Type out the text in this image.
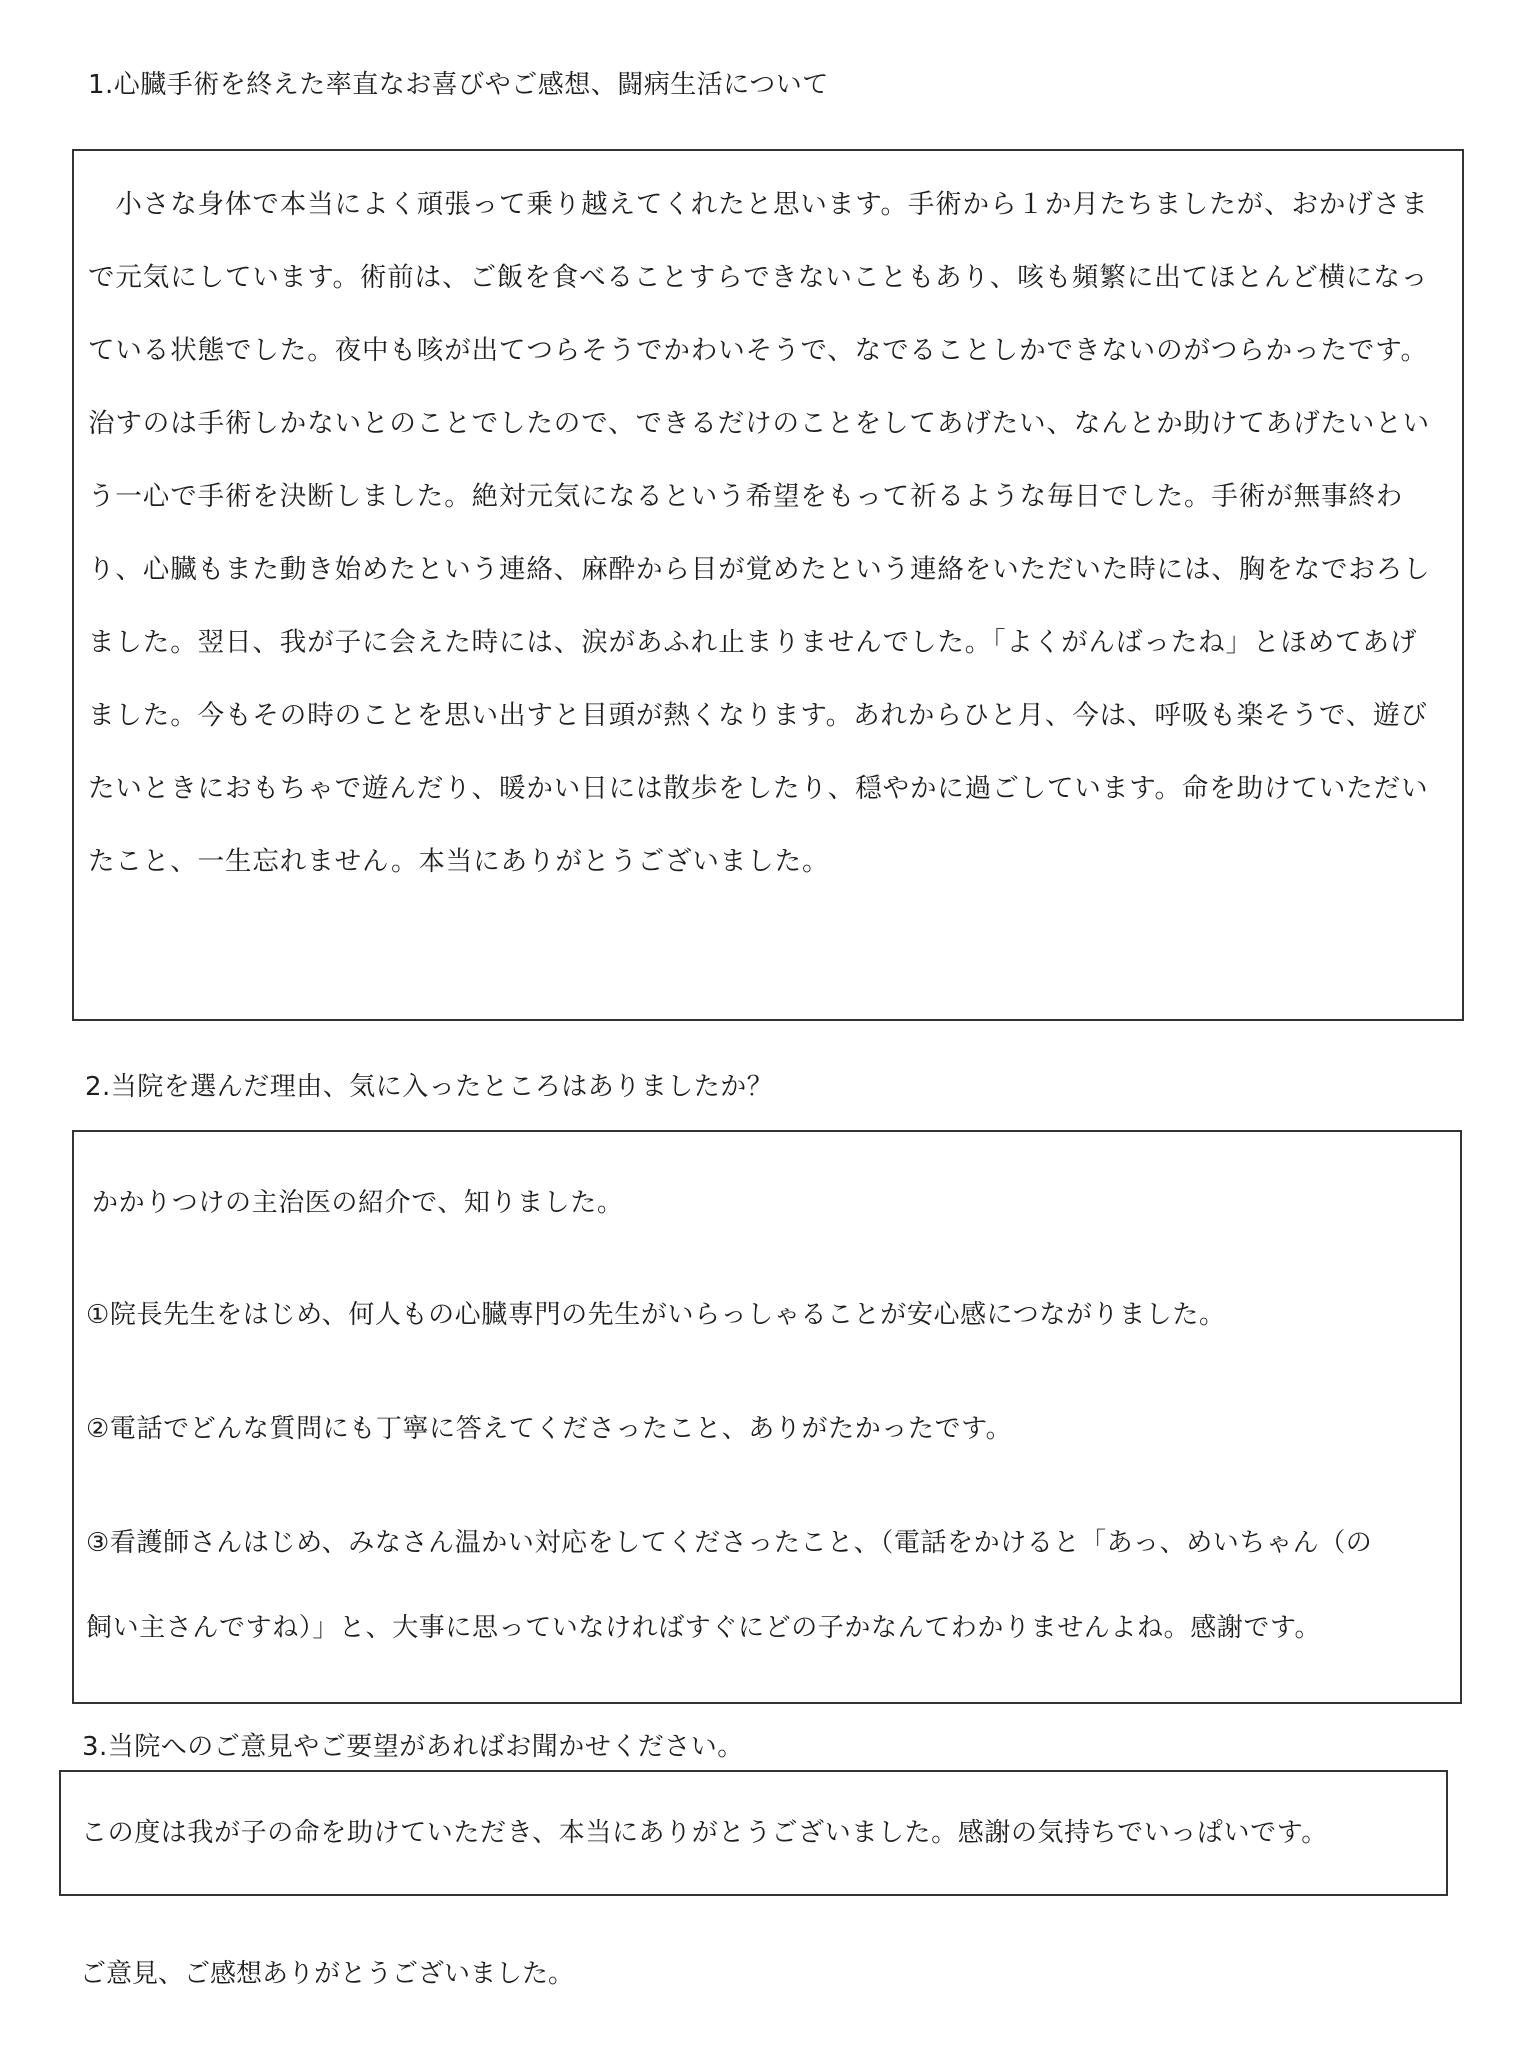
1.心臓手術を終えた率直なお喜びやご感想、闘病生活について

　小さな身体で本当によく頑張って乗り越えてくれたと思います。手術から１か月たちましたが、おかげさま

で元気にしています。術前は、ご飯を食べることすらできないこともあり、咳も頻繁に出てほとんど横になっ

ている状態でした。夜中も咳が出てつらそうでかわいそうで、なでることしかできないのがつらかったです。

治すのは手術しかないとのことでしたので、できるだけのことをしてあげたい、なんとか助けてあげたいとい

う一心で手術を決断しました。絶対元気になるという希望をもって祈るような毎日でした。手術が無事終わ

り、心臓もまた動き始めたという連絡、麻酔から目が覚めたという連絡をいただいた時には、胸をなでおろし

ました。翌日、我が子に会えた時には、涙があふれ止まりませんでした。「よくがんばったね」とほめてあげ

ました。今もその時のことを思い出すと目頭が熱くなります。あれからひと月、今は、呼吸も楽そうで、遊び

たいときにおもちゃで遊んだり、暖かい日には散歩をしたり、穏やかに過ごしています。命を助けていただい

たこと、一生忘れません。本当にありがとうございました。

2.当院を選んだ理由、気に入ったところはありましたか？

かかりつけの主治医の紹介で、知りました。

①院長先生をはじめ、何人もの心臓専門の先生がいらっしゃることが安心感につながりました。

②電話でどんな質問にも丁寧に答えてくださったこと、ありがたかったです。

③看護師さんはじめ、みなさん温かい対応をしてくださったこと、（電話をかけると「あっ、めいちゃん（の

飼い主さんですね）」と、大事に思っていなければすぐにどの子かなんてわかりませんよね。感謝です。

3.当院へのご意見やご要望があればお聞かせください。

この度は我が子の命を助けていただき、本当にありがとうございました。感謝の気持ちでいっぱいです。

ご意見、ご感想ありがとうございました。
